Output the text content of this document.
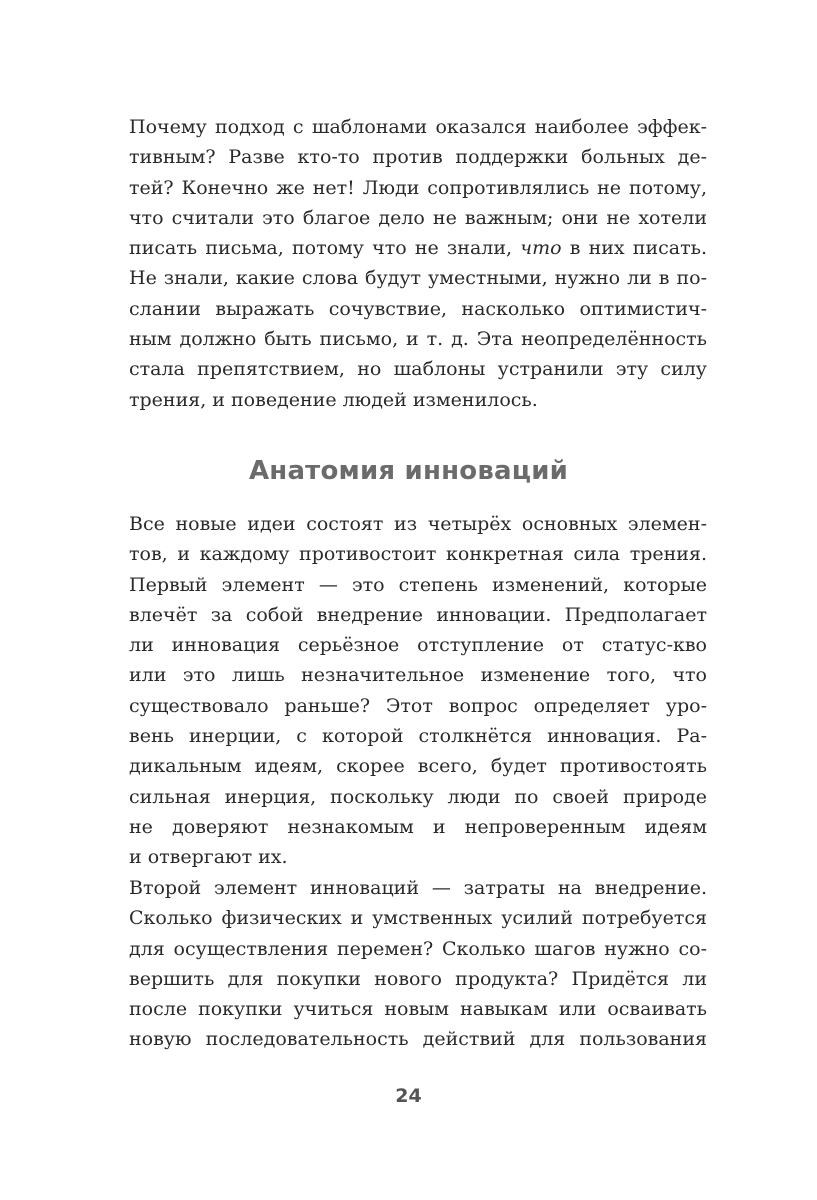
Почему подход с шаблонами оказался наиболее эффек-
тивным? Разве кто-то против поддержки больных де-
тей? Конечно же нет! Люди сопротивлялись не потому,
что считали это благое дело не важным; они не хотели
писать письма, потому что не знали, что в них писать.
Не знали, какие слова будут уместными, нужно ли в по-
слании выражать сочувствие, насколько оптимистич-
ным должно быть письмо, и т. д. Эта неопределённость
стала препятствием, но шаблоны устранили эту силу
трения, и поведение людей изменилось.
Анатомия инноваций
Все новые идеи состоят из четырёх основных элемен-
тов, и каждому противостоит конкретная сила трения.
Первый элемент — это степень изменений, которые
влечёт за собой внедрение инновации. Предполагает
ли инновация серьёзное отступление от статус-кво
или это лишь незначительное изменение того, что
существовало раньше? Этот вопрос определяет уро-
вень инерции, с которой столкнётся инновация. Ра-
дикальным идеям, скорее всего, будет противостоять
сильная инерция, поскольку люди по своей природе
не доверяют незнакомым и непроверенным идеям
и отвергают их.
Второй элемент инноваций — затраты на внедрение.
Сколько физических и умственных усилий потребуется
для осуществления перемен? Сколько шагов нужно со-
вершить для покупки нового продукта? Придётся ли
после покупки учиться новым навыкам или осваивать
новую последовательность действий для пользования
24
